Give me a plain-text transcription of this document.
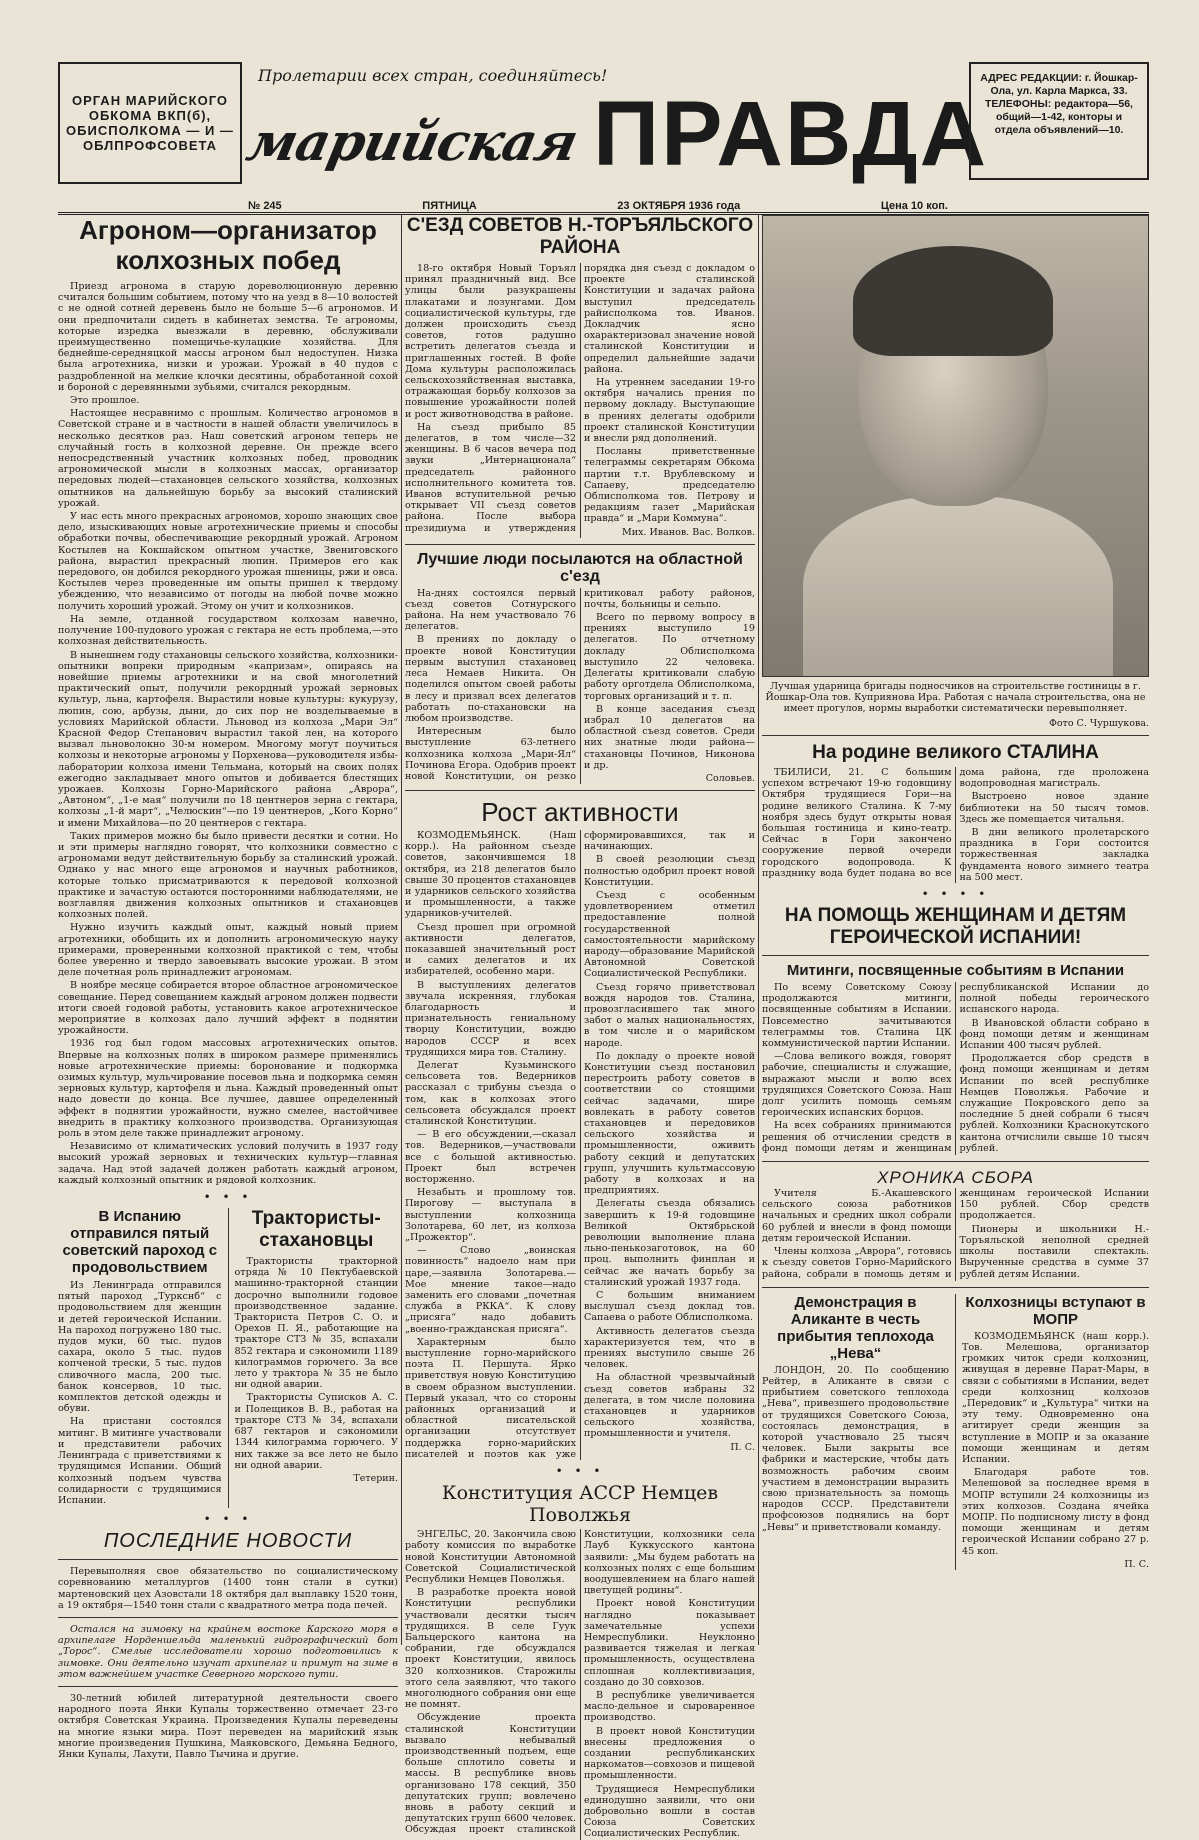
ОРГАН МАРИЙСКОГО ОБКОМА ВКП(б), ОБИСПОЛКОМА — И — ОБЛПРОФСОВЕТА
Пролетарии всех стран, соединяйтесь!
марийская ПРАВДА
АДРЕС РЕДАКЦИИ: г. Йошкар-Ола, ул. Карла Маркса, 33. ТЕЛЕФОНЫ: редактора—56, общий—1-42, конторы и отдела объявлений—10.
№ 245	ПЯТНИЦА	23 ОКТЯБРЯ 1936 года	Цена 10 коп.
Агроном—организатор колхозных побед

Приезд агронома в старую дореволюционную деревню считался большим событием, потому что на уезд в 8—10 волостей с не одной сотней деревень было не больше 5—6 агрономов. И они предпочитали сидеть в кабинетах земства. Те агрономы, которые изредка выезжали в деревню, обслуживали преимущественно помещичье-кулацкие хозяйства. Для беднейше-середняцкой массы агроном был недоступен. Низка была агротехника, низки и урожаи. Урожай в 40 пудов с раздробленной на мелкие клочки десятины, обработанной сохой и бороной с деревянными зубьями, считался рекордным.

Это прошлое.

Настоящее несравнимо с прошлым. Количество агрономов в Советской стране и в частности в нашей области увеличилось в несколько десятков раз. Наш советский агроном теперь не случайный гость в колхозной деревне. Он прежде всего непосредственный участник колхозных побед, проводник агрономической мысли в колхозных массах, организатор передовых людей—стахановцев сельского хозяйства, колхозных опытников на дальнейшую борьбу за высокий сталинский урожай.

У нас есть много прекрасных агрономов, хорошо знающих свое дело, изыскивающих новые агротехнические приемы и способы обработки почвы, обеспечивающие рекордный урожай. Агроном Костылев на Кокшайском опытном участке, Звениговского района, вырастил прекрасный люпин. Примеров его как передового, он добился рекордного урожая пшеницы, ржи и овса. Костылев через проведенные им опыты пришел к твердому убеждению, что независимо от погоды на любой почве можно получить хороший урожай. Этому он учит и колхозников.

На земле, отданной государством колхозам навечно, получение 100-пудового урожая с гектара не есть проблема,—это колхозная действительность.

В нынешнем году стахановцы сельского хозяйства, колхозники-опытники вопреки природным «капризам», опираясь на новейшие приемы агротехники и на свой многолетний практический опыт, получили рекордный урожай зерновых культур, льна, картофеля. Вырастили новые культуры: кукурузу, люпин, сою, арбузы, дыни, до сих пор не возделываемые в условиях Марийской области. Льновод из колхоза „Мари Эл“ Красной Федор Степанович вырастил такой лен, на которого вызвал льноволокно 30-м номером. Многому могут поучиться колхозы и некоторые агрономы у Порхенова—руководителя избы-лаборатории колхоза имени Тельмана, который на своих полях ежегодно закладывает много опытов и добивается блестящих урожаев. Колхозы Горно-Марийского района „Аврора“, „Автоном“, „1-е мая“ получили по 18 центнеров зерна с гектара, колхозы „1-й март“, „Челюскин“—по 19 центнеров, „Кого Корно“ и имени Михайлова—по 20 центнеров с гектара.

Таких примеров можно бы было привести десятки и сотни. Но и эти примеры наглядно говорят, что колхозники совместно с агрономами ведут действительную борьбу за сталинский урожай. Однако у нас много еще агрономов и научных работников, которые только присматриваются к передовой колхозной практике и зачастую остаются посторонними наблюдателями, не возглавляя движения колхозных опытников и стахановцев колхозных полей.

Нужно изучить каждый опыт, каждый новый прием агротехники, обобщить их и дополнить агрономическую науку примерами, проверенными колхозной практикой с тем, чтобы более уверенно и твердо завоевывать высокие урожаи. В этом деле почетная роль принадлежит агрономам.

В ноябре месяце собирается второе областное агрономическое совещание. Перед совещанием каждый агроном должен подвести итоги своей годовой работы, установить какое агротехническое мероприятие в колхозах дало лучший эффект в поднятии урожайности.

1936 год был годом массовых агротехнических опытов. Впервые на колхозных полях в широком размере применялись новые агротехнические приемы: боронование и подкормка озимых культур, мульчирование посевов льна и подкормка семян зерновых культур, картофеля и льна. Каждый проведенный опыт надо довести до конца. Все лучшее, давшее определенный эффект в поднятии урожайности, нужно смелее, настойчивее внедрить в практику колхозного производства. Организующая роль в этом деле также принадлежит агроному.

Независимо от климатических условий получить в 1937 году высокий урожай зерновых и технических культур—главная задача. Над этой задачей должен работать каждый агроном, каждый колхозный опытник и рядовой колхозник.

• • •
В Испанию отправился пятый советский пароход с продовольствием

Из Ленинграда отправился пятый пароход „Туркснб“ с продовольствием для женщин и детей героической Испании. На пароход погружено 180 тыс. пудов муки, 60 тыс. пудов сахара, около 5 тыс. пудов копченой трески, 5 тыс. пудов сливочного масла, 200 тыс. банок консервов, 10 тыс. комплектов детской одежды и обуви.

На пристани состоялся митинг. В митинге участвовали и представители рабочих Ленинграда с приветствиями к трудящимся Испании. Общий колхозный подъем чувства солидарности с трудящимися Испании.

Трактористы-стахановцы

Трактористы тракторной отряда № 10 Пектубаевской машинно-тракторной станции досрочно выполнили годовое производственное задание. Тракториста Петров С. О. и Орехов П. Я., работающие на тракторе СТЗ № 35, вспахали 852 гектара и сэкономили 1189 килограммов горючего. За все лето у трактора № 35 не было ни одной аварии.

Трактористы Суписков А. С. и Полещиков В. В., работая на тракторе СТЗ № 34, вспахали 687 гектаров и сэкономили 1344 килограмма горючего. У них также за все лето не было ни одной аварии.

Тетерин.
• • •
ПОСЛЕДНИЕ НОВОСТИ

Перевыполняя свое обязательство по социалистическому соревнованию металлургов (1400 тонн стали в сутки) мартеновский цех Азовстали 18 октября дал выплавку 1520 тонн, а 19 октября—1540 тонн стали с квадратного метра пода печей.

Остался на зимовку на крайнем востоке Карского моря в архипелаге Норденшельда маленький гидрографический бот „Торос“. Смелые исследователи хорошо подготовились к зимовке. Они деятельно изучат архипелаг и примут на зиме в этом важнейшем участке Северного морского пути.

30-летний юбилей литературной деятельности своего народного поэта Янки Купалы торжественно отмечает 23-го октября Советская Украина. Произведения Купалы переведены на многие языки мира. Поэт переведен на марийский язык многие произведения Пушкина, Маяковского, Демьяна Бедного, Янки Купалы, Лахути, Павло Тычина и другие.

С'ЕЗД СОВЕТОВ Н.-ТОРЪЯЛЬСКОГО РАЙОНА

18-го октября Новый Торъял принял праздничный вид. Все улицы были разукрашены плакатами и лозунгами. Дом социалистической культуры, где должен происходить съезд советов, готов радушно встретить делегатов съезда и приглашенных гостей. В фойе Дома культуры расположилась сельскохозяйственная выставка, отражающая борьбу колхозов за повышение урожайности полей и рост животноводства в районе.

На съезд прибыло 85 делегатов, в том числе—32 женщины. В 6 часов вечера под звуки „Интернационала“ председатель районного исполнительного комитета тов. Иванов вступительной речью открывает VII съезд советов района. После выбора президиума и утверждения порядка дня съезд с докладом о проекте сталинской Конституции и задачах района выступил председатель райисполкома тов. Иванов. Докладчик ясно охарактеризовал значение новой сталинской Конституции и определил дальнейшие задачи района.

На утреннем заседании 19-го октября начались прения по первому докладу. Выступающие в прениях делегаты одобрили проект сталинской Конституции и внесли ряд дополнений.

Посланы приветственные телеграммы секретарям Обкома партии т.т. Врублевскому и Сапаеву, председателю Облисполкома тов. Петрову и редакциям газет „Марийская правда“ и „Мари Коммуна“.

Мих. Иванов. Вас. Волков.
Лучшие люди посылаются на областной с'езд

На-днях состоялся первый съезд советов Сотнурского района. На нем участвовало 76 делегатов.

В прениях по докладу о проекте новой Конституции первым выступил стахановец леса Немаев Никита. Он поделился опытом своей работы в лесу и призвал всех делегатов работать по-стахановски на любом производстве.

Интересным было выступление 63-летнего колхозника колхоза „Мари-Ял“ Починова Егора. Одобрив проект новой Конституции, он резко критиковал работу районов, почты, больницы и сельпо.

Всего по первому вопросу в прениях выступило 19 делегатов. По отчетному докладу Облисполкома выступило 22 человека. Делегаты критиковали слабую работу орготдела Облисполкома, торговых организаций и т. п.

В конце заседания съезд избрал 10 делегатов на областной съезд советов. Среди них знатные люди района—стахановцы Починов, Никонова и др.

Соловьев.
Рост активности

КОЗМОДЕМЬЯНСК. (Наш корр.). На районном съезде советов, закончившемся 18 октября, из 218 делегатов было свыше 30 процентов стахановцев и ударников сельского хозяйства и промышленности, а также ударников-учителей.

Съезд прошел при огромной активности делегатов, показавшей значительный рост и самих делегатов и их избирателей, особенно мари.

В выступлениях делегатов звучала искренняя, глубокая благодарность и признательность гениальному творцу Конституции, вождю народов СССР и всех трудящихся мира тов. Сталину.

Делегат Кузьминского сельсовета тов. Ведерников рассказал с трибуны съезда о том, как в колхозах этого сельсовета обсуждался проект сталинской Конституции.

— В его обсуждении,—сказал тов. Ведерников,—участвовали все с большой активностью. Проект был встречен восторженно.

Незабыть и прошлому тов. Пирогову — выступала в выступлении колхозница Золотарева, 60 лет, из колхоза „Прожектор“.

— Слово „воинская повинность“ надоело нам при царе,—заявила Золотарева.—Мое мнение такое—надо заменить его словами „почетная служба в РККА“. К слову „присяга“ надо добавить „военно-гражданская присяга“.

Характерным было выступление горно-марийского поэта П. Першута. Ярко приветствуя новую Конституцию в своем образном выступлении. Первый указал, что со стороны районных организаций и областной писательской организации отсутствует поддержка горно-марийских писателей и поэтов как уже сформировавшихся, так и начинающих.

В своей резолюции съезд полностью одобрил проект новой Конституции.

Съезд с особенным удовлетворением отметил предоставление полной государственной самостоятельности марийскому народу—образование Марийской Автономной Советской Социалистической Республики.

Съезд горячо приветствовал вождя народов тов. Сталина, провозгласившего так много забот о малых национальностях, в том числе и о марийском народе.

По докладу о проекте новой Конституции съезд постановил перестроить работу советов в соответствии со стоящими сейчас задачами, шире вовлекать в работу советов стахановцев и передовиков сельского хозяйства и промышленности, оживить работу секций и депутатских групп, улучшить культмассовую работу в колхозах и на предприятиях.

Делегаты съезда обязались завершить к 19-й годовщине Великой Октябрьской революции выполнение плана льно-пенькозаготовок, на 60 проц. выполнить финплан и сейчас же начать борьбу за сталинский урожай 1937 года.

С большим вниманием выслушал съезд доклад тов. Сапаева о работе Облисполкома.

Активность делегатов съезда характеризуется тем, что в прениях выступило свыше 26 человек.

На областной чрезвычайный съезд советов избраны 32 делегата, в том числе половина стахановцев и ударников сельского хозяйства, промышленности и учителя.

П. С.
• • •
Конституция АССР Немцев Поволжья

ЭНГЕЛЬС, 20. Закончила свою работу комиссия по выработке новой Конституции Автономной Советской Социалистической Республики Немцев Поволжья.

В разработке проекта новой Конституции республики участвовали десятки тысяч трудящихся. В селе Гуук Бальцерского кантона на собрании, где обсуждался проект Конституции, явилось 320 колхозников. Старожилы этого села заявляют, что такого многолюдного собрания они еще не помнят.

Обсуждение проекта сталинской Конституции вызвало небывалый производственный подъем, еще больше сплотило советы и массы. В республике вновь организовано 178 секций, 350 депутатских групп; вовлечено вновь в работу секций и депутатских групп 6600 человек. Обсуждая проект сталинской Конституции, колхозники села Лауб Куккусского кантона заявили: „Мы будем работать на колхозных полях с еще большим воодушевлением на благо нашей цветущей родины“.

Проект новой Конституции наглядно показывает замечательные успехи Немреспублики. Неуклонно развивается тяжелая и легкая промышленность, осуществлена сплошная коллективизация, создано до 30 совхозов.

В республике увеличивается масло-дельное и сыроваренное производство.

В проект новой Конституции внесены предложения о создании республиканских наркоматов—совхозов и пищевой промышленности.

Трудящиеся Немреспублики единодушно заявили, что они добровольно вошли в состав Союза Советских Социалистических Республик.

Лучшая ударница бригады подносчиков на строительстве гостиницы в г. Йошкар-Ола тов. Куприянова Ира. Работая с начала строительства, она не имеет прогулов, нормы выработки систематически перевыполняет.
Фото С. Чуршукова.
На родине великого СТАЛИНА

ТБИЛИСИ, 21. С большим успехом встречают 19-ю годовщину Октября трудящиеся Гори—на родине великого Сталина. К 7-му ноября здесь будут открыты новая большая гостиница и кино-театр. Сейчас в Гори закончено сооружение первой очереди городского водопровода. К празднику вода будет подана во все дома района, где проложена водопроводная магистраль.

Выстроено новое здание библиотеки на 50 тысяч томов. Здесь же помещается читальня.

В дни великого пролетарского праздника в Гори состоится торжественная закладка фундамента нового зимнего театра на 500 мест.

• • • •
НА ПОМОЩЬ ЖЕНЩИНАМ И ДЕТЯМ ГЕРОИЧЕСКОЙ ИСПАНИИ!
Митинги, посвященные событиям в Испании

По всему Советскому Союзу продолжаются митинги, посвященные событиям в Испании. Повсеместно зачитываются телеграммы тов. Сталина ЦК коммунистической партии Испании.

—Слова великого вождя, говорят рабочие, специалисты и служащие, выражают мысли и волю всех трудящихся Советского Союза. Наш долг усилить помощь семьям героических испанских борцов.

На всех собраниях принимаются решения об отчислении средств в фонд помощи детям и женщинам республиканской Испании до полной победы героического испанского народа.

В Ивановской области собрано в фонд помощи детям и женщинам Испании 400 тысяч рублей.

Продолжается сбор средств в фонд помощи женщинам и детям Испании по всей республике Немцев Поволжья. Рабочие и служащие Покровского депо за последние 5 дней собрали 6 тысяч рублей. Колхозники Краснокутского кантона отчислили свыше 10 тысяч рублей.

ХРОНИКА СБОРА

Учителя Б.-Акашевского сельского союза работников начальных и средних школ собрали 60 рублей и внесли в фонд помощи детям героической Испании.

Члены колхоза „Аврора“, готовясь к съезду советов Горно-Марийского района, собрали в помощь детям и женщинам героической Испании 150 рублей. Сбор средств продолжается.

Пионеры и школьники Н.-Торъяльской неполной средней школы поставили спектакль. Вырученные средства в сумме 37 рублей детям Испании.

Демонстрация в Аликанте в честь прибытия теплохода „Нева“

ЛОНДОН, 20. По сообщению Рейтер, в Аликанте в связи с прибытием советского теплохода „Нева“, привезшего продовольствие от трудящихся Советского Союза, состоялась демонстрация, в которой участвовало 25 тысяч человек. Были закрыты все фабрики и мастерские, чтобы дать возможность рабочим своим участием в демонстрации выразить свою признательность за помощь народов СССР. Представители профсоюзов поднялись на борт „Невы“ и приветствовали команду.

Колхозницы вступают в МОПР

КОЗМОДЕМЬЯНСК (наш корр.). Тов. Мелешова, организатор громких читок среди колхозниц, живущая в деревне Парат-Мары, в связи с событиями в Испании, ведет среди колхозниц колхозов „Передовик“ и „Культура“ читки на эту тему. Одновременно она агитирует среди женщин за вступление в МОПР и за оказание помощи женщинам и детям Испании.

Благодаря работе тов. Мелешовой за последнее время в МОПР вступили 24 колхозницы из этих колхозов. Создана ячейка МОПР. По подписному листу в фонд помощи женщинам и детям героической Испании собрано 27 р. 45 коп.

П. С.
